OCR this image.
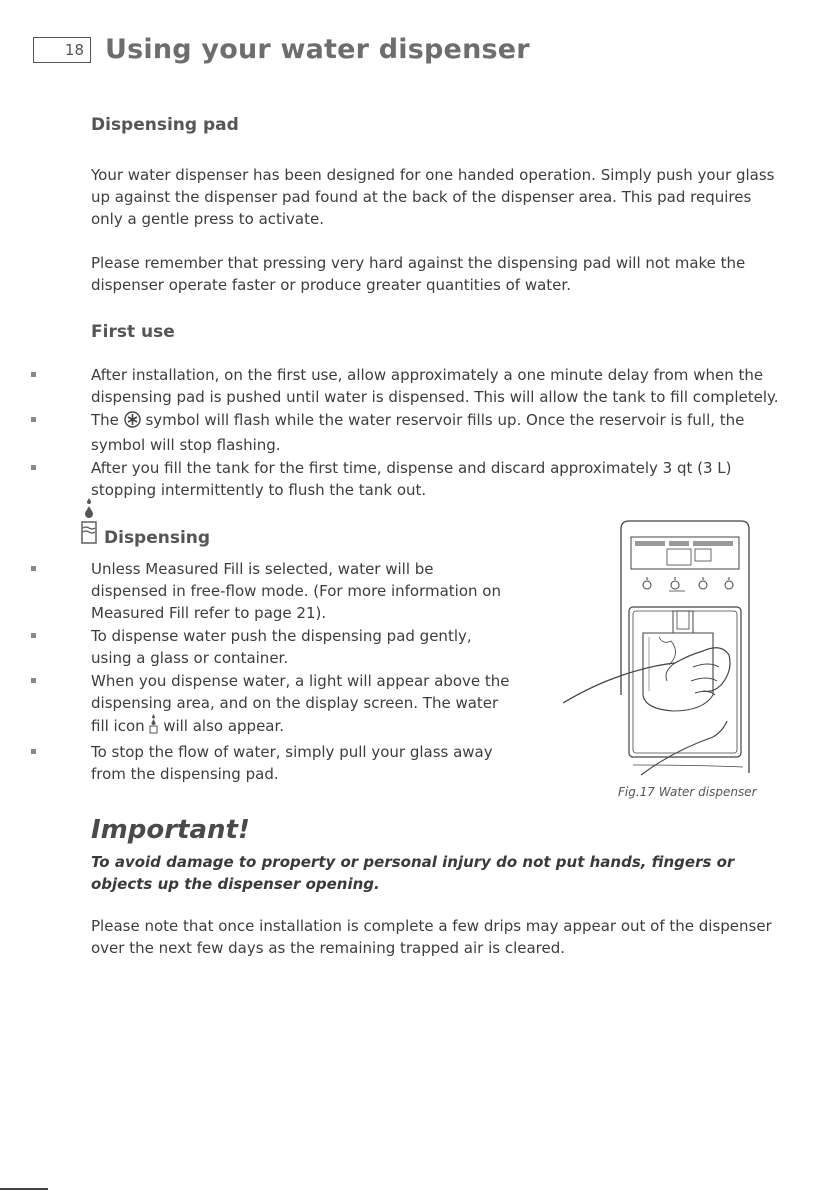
18 Using your water dispenser
Dispensing pad

Your water dispenser has been designed for one handed operation. Simply push your glass up against the dispenser pad found at the back of the dispenser area. This pad requires only a gentle press to activate.

Please remember that pressing very hard against the dispensing pad will not make the dispenser operate faster or produce greater quantities of water.

First use
After installation, on the first use, allow approximately a one minute delay from when the dispensing pad is pushed until water is dispensed. This will allow the tank to fill completely.
The  symbol will flash while the water reservoir fills up. Once the reservoir is full, the symbol will stop flashing.
After you fill the tank for the first time, dispense and discard approximately 3 qt (3 L) stopping intermittently to flush the tank out.
Dispensing
Unless Measured Fill is selected, water will be dispensed in free-flow mode. (For more information on Measured Fill refer to page 21).
To dispense water push the dispensing pad gently, using a glass or container.
When you dispense water, a light will appear above the dispensing area, and on the display screen. The water fill icon  will also appear.
To stop the flow of water, simply pull your glass away from the dispensing pad.
Fig.17 Water dispenser
Important!

To avoid damage to property or personal injury do not put hands, fingers or objects up the dispenser opening.

Please note that once installation is complete a few drips may appear out of the dispenser over the next few days as the remaining trapped air is cleared.
